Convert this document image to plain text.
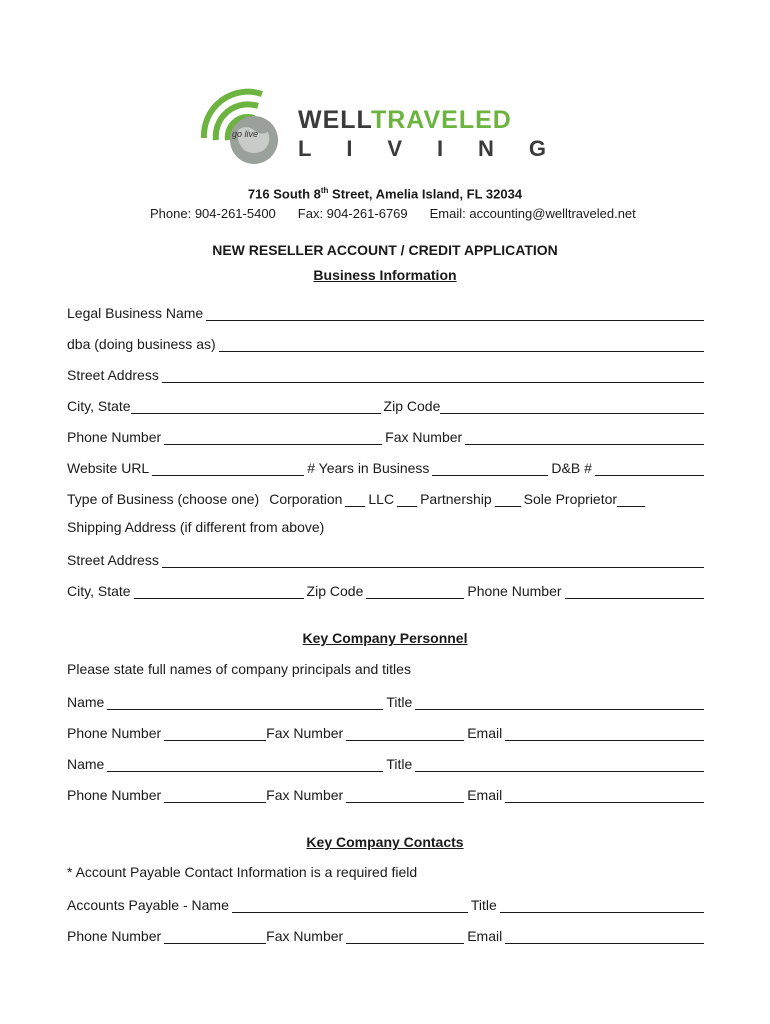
go live WELLTRAVELED
L I V I N G
716 South 8th Street, Amelia Island, FL 32034
Phone: 904-261-5400 Fax: 904-261-6769 Email: accounting@welltraveled.net
NEW RESELLER ACCOUNT / CREDIT APPLICATION
Business Information
Legal Business Name
dba (doing business as)
Street Address
City, State	Zip Code
Phone Number	Fax Number
Website URL	# Years in Business	D&B #
Type of Business (choose one) Corporation LLC Partnership Sole Proprietor
Shipping Address (if different from above)
Street Address
City, State	Zip Code	Phone Number
Key Company Personnel
Please state full names of company principals and titles
Name	Title
Phone Number	Fax Number	Email
Name	Title
Phone Number	Fax Number	Email
Key Company Contacts
* Account Payable Contact Information is a required field
Accounts Payable - Name	Title
Phone Number	Fax Number	Email
